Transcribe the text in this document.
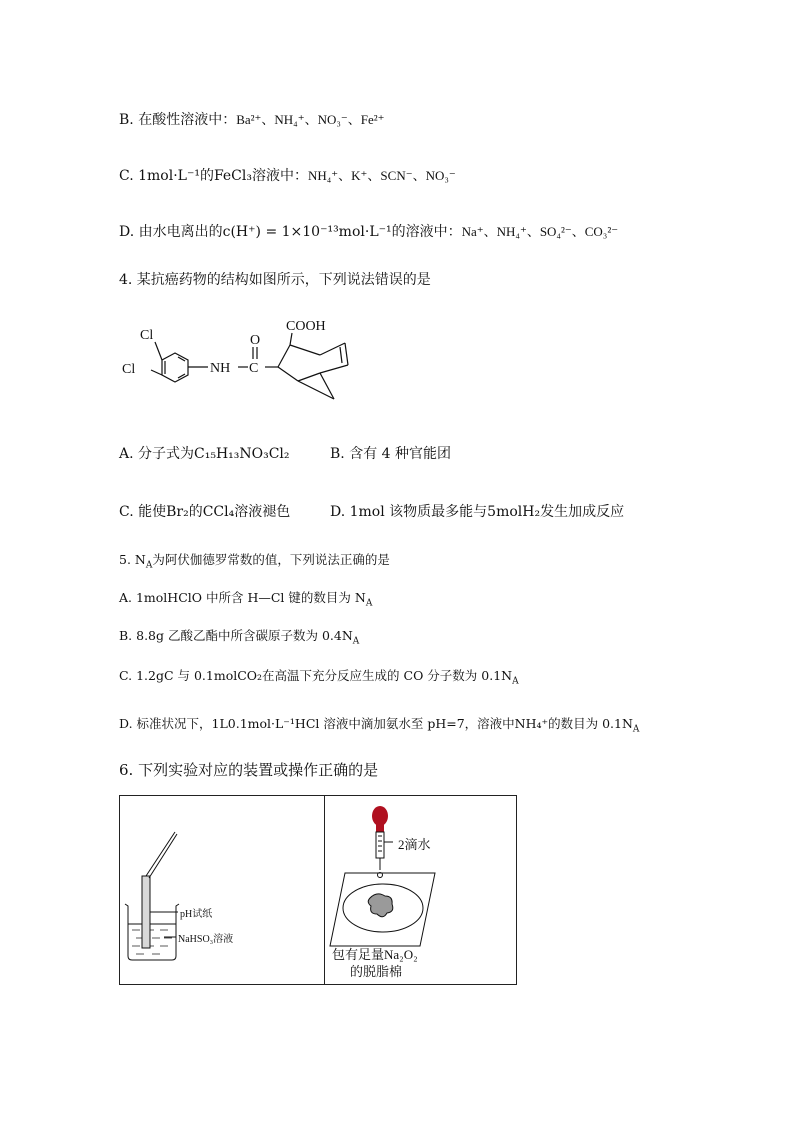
B. 在酸性溶液中：Ba²⁺、NH₄⁺、NO₃⁻、Fe²⁺
C. 1mol·L⁻¹的FeCl₃溶液中：NH₄⁺、K⁺、SCN⁻、NO₃⁻
D. 由水电离出的c(H⁺) = 1×10⁻¹³mol·L⁻¹的溶液中：Na⁺、NH₄⁺、SO₄²⁻、CO₃²⁻
4. 某抗癌药物的结构如图所示，下列说法错误的是
Cl
Cl	NH C
O
COOH
A. 分子式为C₁₅H₁₃NO₃Cl₂	B. 含有 4 种官能团
C. 能使Br₂的CCl₄溶液褪色	D. 1mol 该物质最多能与5molH₂发生加成反应
5. $N_A$为阿伏伽德罗常数的值，下列说法正确的是
A. 1molHClO 中所含 H—Cl 键的数目为 $N_A$
B. 8.8g 乙酸乙酯中所含碳原子数为 $0.4N_A$
C. 1.2gC 与 0.1molCO₂在高温下充分反应生成的 CO 分子数为 $0.1N_A$
D. 标准状况下，1L0.1mol·L⁻¹HCl 溶液中滴加氨水至 pH=7，溶液中NH₄⁺的数目为 $0.1N_A$
6. 下列实验对应的装置或操作正确的是
pH试纸
NaHSO₃溶液
2滴水
包有足量Na₂O₂
的脱脂棉
